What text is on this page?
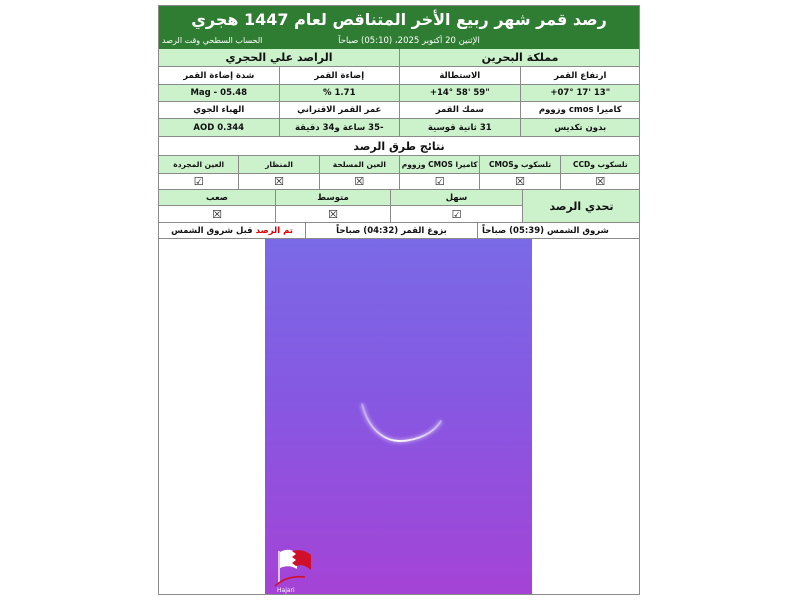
رصد قمر شهر ربيع الأخر المتناقص لعام 1447 هجري
الإثنين 20 أكتوبر 2025، (05:10) صباحاً
الحساب السطحي وقت الرصد
مملكة البحرين
الراصد علي الحجري
ارتفاع القمر
الاستطالة
إضاءة القمر
شدة إضاءة القمر
+07° 17' 13"
+14° 58' 59"
% 1.71
Mag - 05.48
كاميرا cmos وزووم
سمك القمر
عمر القمر الاقتراني
الهباء الجوي
بدون تكديس
31 ثانية قوسية
-35 ساعة و34 دقيقة
AOD 0.344
نتائج طرق الرصد
تلسكوب وCCD
تلسكوب وCMOS
كاميرا CMOS وزووم
العين المسلحة
المنظار
العين المجردة
☒
☒
☑
☒
☒
☑
تحدي الرصد
سهل
متوسط
صعب
☑
☒
☒
شروق الشمس (05:39) صباحاً
بزوغ القمر (04:32) صباحاً
تم الرصد

قبل شروق الشمس
Hajari
